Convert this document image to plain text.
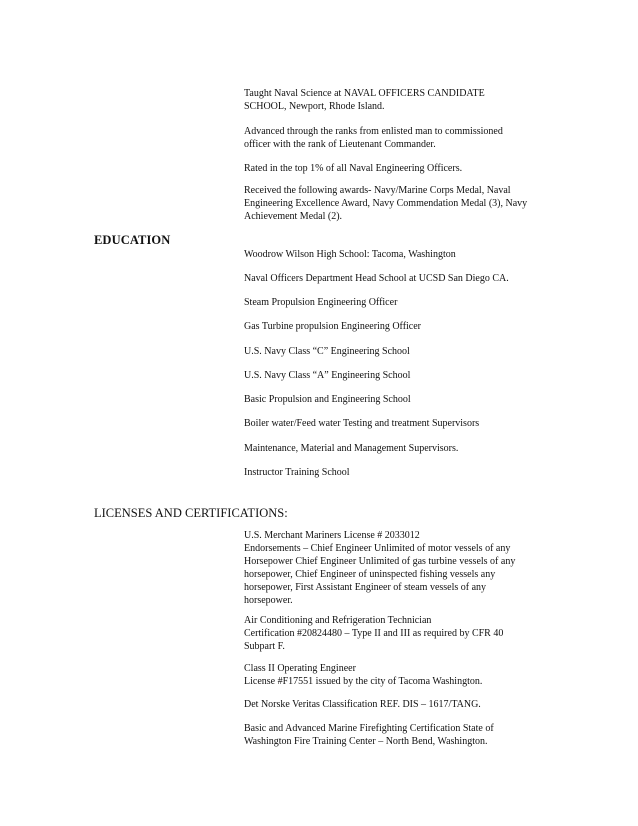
Taught Naval Science at NAVAL OFFICERS CANDIDATE
SCHOOL, Newport, Rhode Island.
Advanced through the ranks from enlisted man to commissioned
officer with the rank of Lieutenant Commander.
Rated in the top 1% of all Naval Engineering Officers.
Received the following awards- Navy/Marine Corps Medal, Naval
Engineering Excellence Award, Navy Commendation Medal (3), Navy
Achievement Medal (2).
EDUCATION
Woodrow Wilson High School: Tacoma, Washington
Naval Officers Department Head School at UCSD San Diego CA.
Steam Propulsion Engineering Officer
Gas Turbine propulsion Engineering Officer
U.S. Navy Class “C” Engineering School
U.S. Navy Class “A” Engineering School
Basic Propulsion and Engineering School
Boiler water/Feed water Testing and treatment Supervisors
Maintenance, Material and Management Supervisors.
Instructor Training School
LICENSES AND CERTIFICATIONS:
U.S. Merchant Mariners License # 2033012
Endorsements – Chief Engineer Unlimited of motor vessels of any
Horsepower Chief Engineer Unlimited of gas turbine vessels of any
horsepower, Chief Engineer of uninspected fishing vessels any
horsepower, First Assistant Engineer of steam vessels of any
horsepower.
Air Conditioning and Refrigeration Technician
Certification #20824480 – Type II and III as required by CFR 40
Subpart F.
Class II Operating Engineer
License #F17551 issued by the city of Tacoma Washington.
Det Norske Veritas Classification REF. DIS – 1617/TANG.
Basic and Advanced Marine Firefighting Certification State of
Washington Fire Training Center – North Bend, Washington.
